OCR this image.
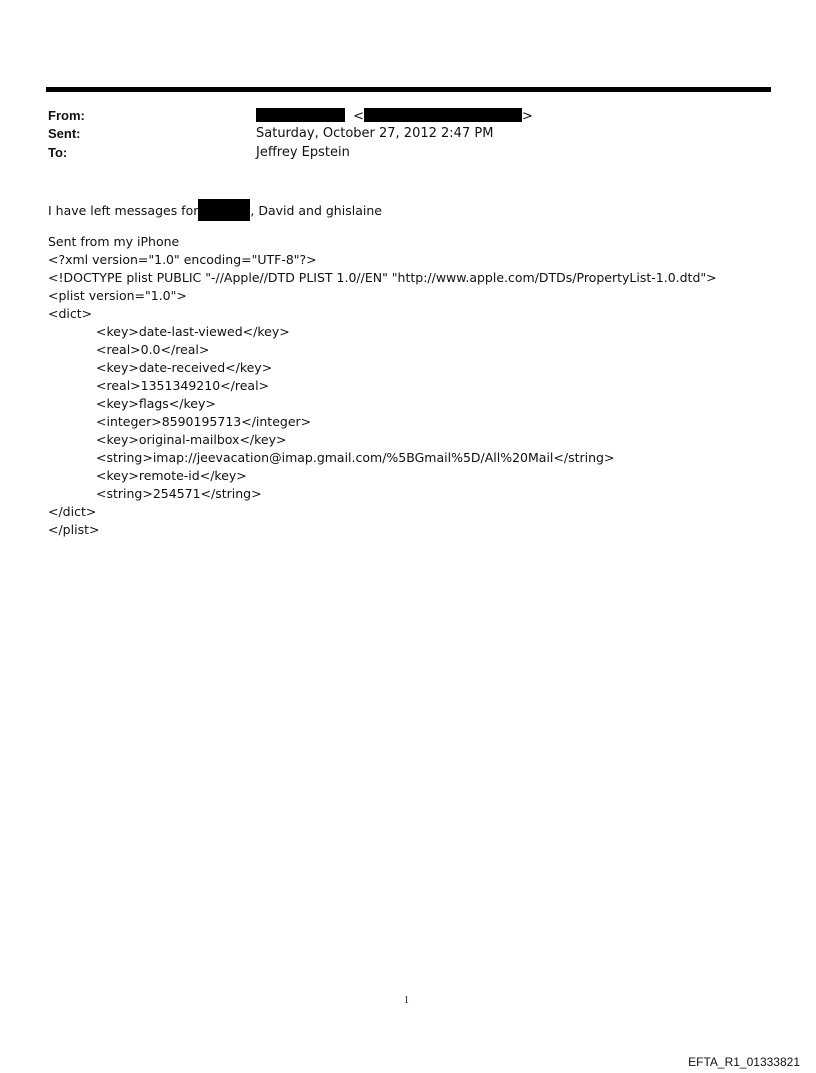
From:	<	>
Sent:	Saturday, October 27, 2012 2:47 PM
To:	Jeffrey Epstein
I have left messages for	, David and ghislaine
Sent from my iPhone
<?xml version="1.0" encoding="UTF-8"?>
<!DOCTYPE plist PUBLIC "-//Apple//DTD PLIST 1.0//EN" "http://www.apple.com/DTDs/PropertyList-1.0.dtd">
<plist version="1.0">
<dict>
<key>date-last-viewed</key>
<real>0.0</real>
<key>date-received</key>
<real>1351349210</real>
<key>flags</key>
<integer>8590195713</integer>
<key>original-mailbox</key>
<string>imap://jeevacation@imap.gmail.com/%5BGmail%5D/All%20Mail</string>
<key>remote-id</key>
<string>254571</string>
</dict>
</plist>
1
EFTA_R1_01333821
